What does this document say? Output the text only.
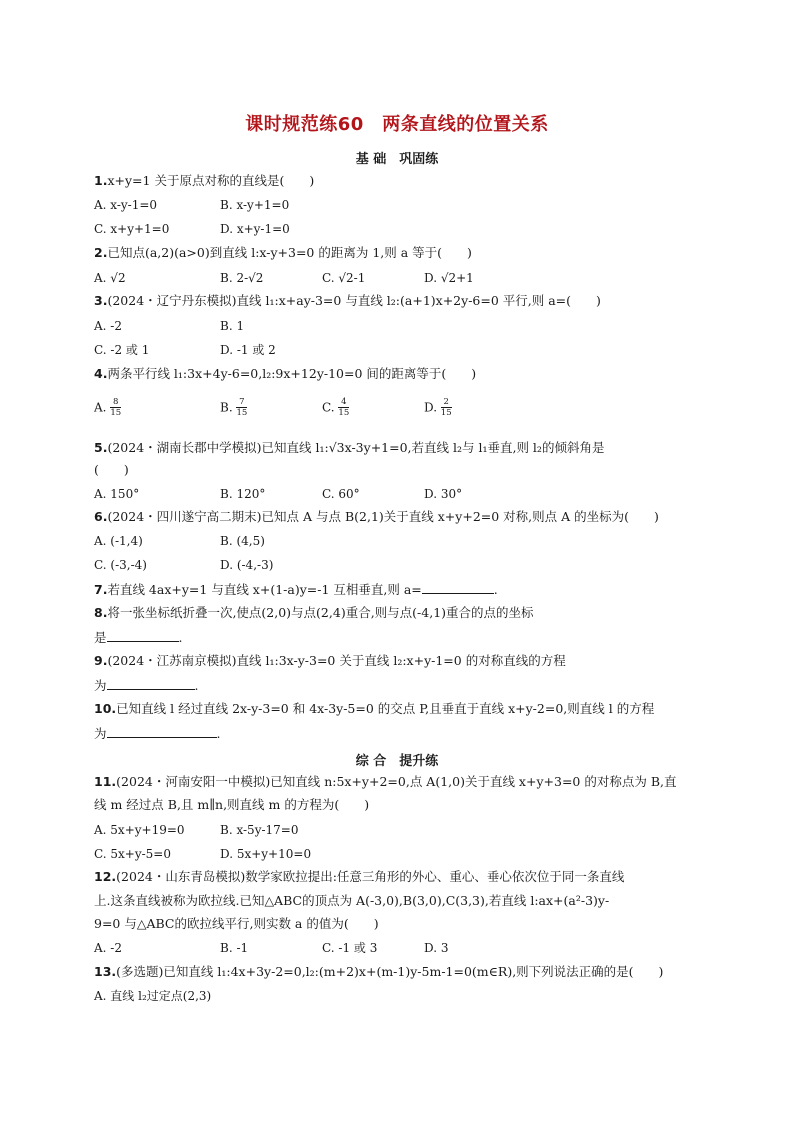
课时规范练60　两条直线的位置关系
基 础　巩固练
1.x+y=1 关于原点对称的直线是(　　)
A. x-y-1=0	B. x-y+1=0
C. x+y+1=0	D. x+y-1=0
2.已知点(a,2)(a>0)到直线 l:x-y+3=0 的距离为 1,则 a 等于(　　)
A. √2	B. 2-√2	C. √2-1	D. √2+1
3.(2024・辽宁丹东模拟)直线 l₁:x+ay-3=0 与直线 l₂:(a+1)x+2y-6=0 平行,则 a=(　　)
A. -2	B. 1
C. -2 或 1	D. -1 或 2
4.两条平行线 l₁:3x+4y-6=0,l₂:9x+12y-10=0 间的距离等于(　　)
A. $\frac{8}{15}$	B. $\frac{7}{15}$	C. $\frac{4}{15}$	D. $\frac{2}{15}$
5.(2024・湖南长郡中学模拟)已知直线 l₁:√3x-3y+1=0,若直线 l₂与 l₁垂直,则 l₂的倾斜角是
(　　)
A. 150°	B. 120°	C. 60°	D. 30°
6.(2024・四川遂宁高二期末)已知点 A 与点 B(2,1)关于直线 x+y+2=0 对称,则点 A 的坐标为(　　)
A. (-1,4)	B. (4,5)
C. (-3,-4)	D. (-4,-3)
7.若直线 4ax+y=1 与直线 x+(1-a)y=-1 互相垂直,则 a=	.
8.将一张坐标纸折叠一次,使点(2,0)与点(2,4)重合,则与点(-4,1)重合的点的坐标
是	.
9.(2024・江苏南京模拟)直线 l₁:3x-y-3=0 关于直线 l₂:x+y-1=0 的对称直线的方程
为	.
10.已知直线 l 经过直线 2x-y-3=0 和 4x-3y-5=0 的交点 P,且垂直于直线 x+y-2=0,则直线 l 的方程
为	.
综 合　提升练
11.(2024・河南安阳一中模拟)已知直线 n:5x+y+2=0,点 A(1,0)关于直线 x+y+3=0 的对称点为 B,直
线 m 经过点 B,且 m∥n,则直线 m 的方程为(　　)
A. 5x+y+19=0	B. x-5y-17=0
C. 5x+y-5=0	D. 5x+y+10=0
12.(2024・山东青岛模拟)数学家欧拉提出:任意三角形的外心、重心、垂心依次位于同一条直线
上.这条直线被称为欧拉线.已知△ABC的顶点为 A(-3,0),B(3,0),C(3,3),若直线 l:ax+(a²-3)y-
9=0 与△ABC的欧拉线平行,则实数 a 的值为(　　)
A. -2	B. -1	C. -1 或 3	D. 3
13.(多选题)已知直线 l₁:4x+3y-2=0,l₂:(m+2)x+(m-1)y-5m-1=0(m∈R),则下列说法正确的是(　　)
A. 直线 l₂过定点(2,3)
